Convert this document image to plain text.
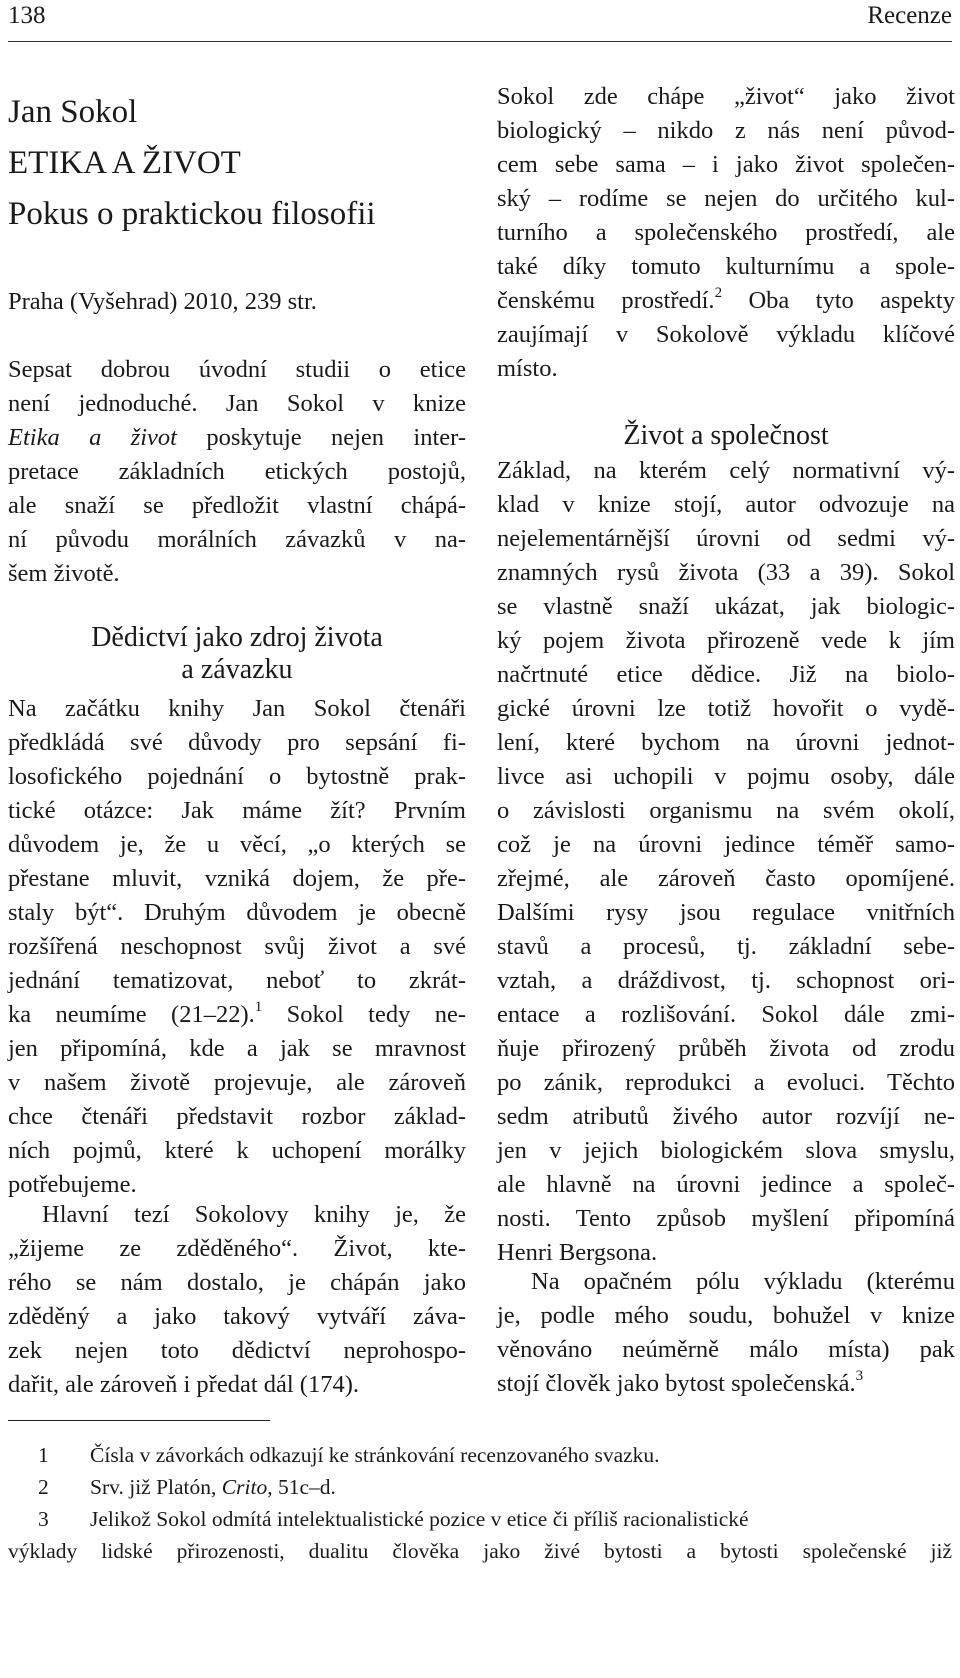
138	Recenze
Jan Sokol
ETIKA A ŽIVOT
Pokus o praktickou filosofii
Praha (Vyšehrad) 2010, 239 str.
Sepsat dobrou úvodní studii o etice
není jednoduché. Jan Sokol v knize
Etika a život poskytuje nejen inter-
pretace základních etických postojů,
ale snaží se předložit vlastní chápá-
ní původu morálních závazků v na-
šem životě.
Dědictví jako zdroj života
a závazku
Na začátku knihy Jan Sokol čtenáři
předkládá své důvody pro sepsání fi-
losofického pojednání o bytostně prak-
tické otázce: Jak máme žít? Prvním
důvodem je, že u věcí, „o kterých se
přestane mluvit, vzniká dojem, že pře-
staly být“. Druhým důvodem je obecně
rozšířená neschopnost svůj život a své
jednání tematizovat, neboť to zkrát-
ka neumíme (21–22).$^1$ Sokol tedy ne-
jen připomíná, kde a jak se mravnost
v našem životě projevuje, ale zároveň
chce čtenáři představit rozbor základ-
ních pojmů, které k uchopení morálky
potřebujeme.
Hlavní tezí Sokolovy knihy je, že
„žijeme ze zděděného“. Život, kte-
rého se nám dostalo, je chápán jako
zděděný a jako takový vytváří záva-
zek nejen toto dědictví neprohospo-
dařit, ale zároveň i předat dál (174).
Sokol zde chápe „život“ jako život
biologický – nikdo z nás není původ-
cem sebe sama – i jako život společen-
ský – rodíme se nejen do určitého kul-
turního a společenského prostředí, ale
také díky tomuto kulturnímu a spole-
čenskému prostředí.$^2$ Oba tyto aspekty
zaujímají v Sokolově výkladu klíčové
místo.
Život a společnost
Základ, na kterém celý normativní vý-
klad v knize stojí, autor odvozuje na
nejelementárnější úrovni od sedmi vý-
znamných rysů života (33 a 39). Sokol
se vlastně snaží ukázat, jak biologic-
ký pojem života přirozeně vede k jím
načrtnuté etice dědice. Již na biolo-
gické úrovni lze totiž hovořit o vydě-
lení, které bychom na úrovni jednot-
livce asi uchopili v pojmu osoby, dále
o závislosti organismu na svém okolí,
což je na úrovni jedince téměř samo-
zřejmé, ale zároveň často opomíjené.
Dalšími rysy jsou regulace vnitřních
stavů a procesů, tj. základní sebe-
vztah, a dráždivost, tj. schopnost ori-
entace a rozlišování. Sokol dále zmi-
ňuje přirozený průběh života od zrodu
po zánik, reprodukci a evoluci. Těchto
sedm atributů živého autor rozvíjí ne-
jen v jejich biologickém slova smyslu,
ale hlavně na úrovni jedince a společ-
nosti. Tento způsob myšlení připomíná
Henri Bergsona.
Na opačném pólu výkladu (kterému
je, podle mého soudu, bohužel v knize
věnováno neúměrně málo místa) pak
stojí člověk jako bytost společenská.$^3$
1 Čísla v závorkách odkazují ke stránkování recenzovaného svazku.
2 Srv. již Platón, Crito, 51c–d.
3 Jelikož Sokol odmítá intelektualistické pozice v etice či příliš racionalistické
výklady lidské přirozenosti, dualitu člověka jako živé bytosti a bytosti společenské již
